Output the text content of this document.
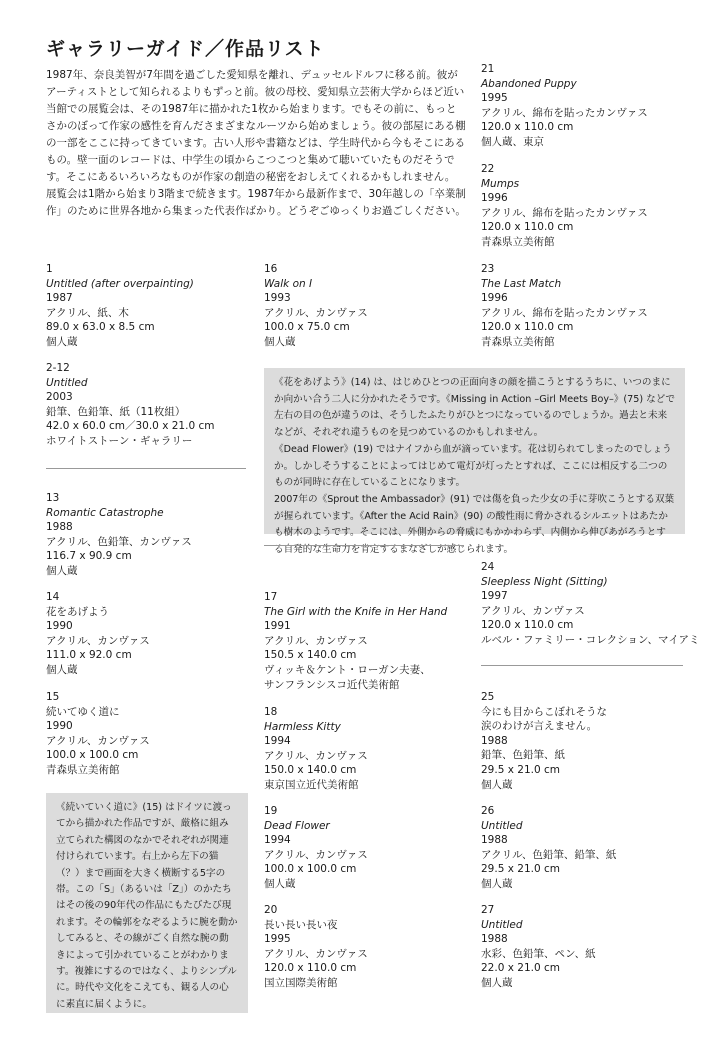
ギャラリーガイド／作品リスト

1987年、奈良美智が7年間を過ごした愛知県を離れ、デュッセルドルフに移る前。彼がアーティストとして知られるよりもずっと前。彼の母校、愛知県立芸術大学からほど近い当館での展覧会は、その1987年に描かれた1枚から始まります。でもその前に、もっとさかのぼって作家の感性を育んださまざまなルーツから始めましょう。彼の部屋にある棚の一部をここに持ってきています。古い人形や書籍などは、学生時代から今もそこにあるもの。壁一面のレコードは、中学生の頃からこつこつと集めて聴いていたものだそうです。そこにあるいろいろなものが作家の創造の秘密をおしえてくれるかもしれません。

展覧会は1階から始まり3階まで続きます。1987年から最新作まで、30年越しの「卒業制作」のために世界各地から集まった代表作ばかり。どうぞごゆっくりお過ごしください。

21
Abandoned Puppy
1995
アクリル、綿布を貼ったカンヴァス
120.0 x 110.0 cm
個人蔵、東京
22
Mumps
1996
アクリル、綿布を貼ったカンヴァス
120.0 x 110.0 cm
青森県立美術館
1
Untitled (after overpainting)
1987
アクリル、紙、木
89.0 x 63.0 x 8.5 cm
個人蔵
16
Walk on I
1993
アクリル、カンヴァス
100.0 x 75.0 cm
個人蔵
23
The Last Match
1996
アクリル、綿布を貼ったカンヴァス
120.0 x 110.0 cm
青森県立美術館
2-12
Untitled
2003
鉛筆、色鉛筆、紙（11枚組）
42.0 x 60.0 cm／30.0 x 21.0 cm
ホワイトストーン・ギャラリー
13
Romantic Catastrophe
1988
アクリル、色鉛筆、カンヴァス
116.7 x 90.9 cm
個人蔵
14
花をあげよう
1990
アクリル、カンヴァス
111.0 x 92.0 cm
個人蔵
15
続いてゆく道に
1990
アクリル、カンヴァス
100.0 x 100.0 cm
青森県立美術館

《続いていく道に》(15) はドイツに渡ってから描かれた作品ですが、厳格に組み立てられた構図のなかでそれぞれが関連付けられています。右上から左下の猫（？）まで画面を大きく横断する5字の帯。この「S」（あるいは「Z」）のかたちはその後の90年代の作品にもたびたび現れます。その輪郭をなぞるように腕を動かしてみると、その線がごく自然な腕の動きによって引かれていることがわかります。複雑にするのではなく、よりシンプルに。時代や文化をこえても、観る人の心に素直に届くように。

《花をあげよう》(14) は、はじめひとつの正面向きの顔を描こうとするうちに、いつのまにか向かい合う二人に分かれたそうです。《Missing in Action –Girl Meets Boy–》(75) などで左右の目の色が違うのは、そうしたふたりがひとつになっているのでしょうか。過去と未来などが、それぞれ違うものを見つめているのかもしれません。

《Dead Flower》(19) ではナイフから血が滴っています。花は切られてしまったのでしょうか。しかしそうすることによってはじめて電灯が灯ったとすれば、ここには相反する二つのものが同時に存在していることになります。

2007年の《Sprout the Ambassador》(91) では傷を負った少女の手に芽吹こうとする双葉が握られています。《After the Acid Rain》(90) の酸性雨に脅かされるシルエットはあたかも樹木のようです。そこには、外側からの脅威にもかかわらず、内側から伸びあがろうとする自発的な生命力を肯定するまなざしが感じられます。

17
The Girl with the Knife in Her Hand
1991
アクリル、カンヴァス
150.5 x 140.0 cm
ヴィッキ＆ケント・ローガン夫妻、
サンフランシスコ近代美術館
18
Harmless Kitty
1994
アクリル、カンヴァス
150.0 x 140.0 cm
東京国立近代美術館
19
Dead Flower
1994
アクリル、カンヴァス
100.0 x 100.0 cm
個人蔵
20
長い長い長い夜
1995
アクリル、カンヴァス
120.0 x 110.0 cm
国立国際美術館
24
Sleepless Night (Sitting)
1997
アクリル、カンヴァス
120.0 x 110.0 cm
ルベル・ファミリー・コレクション、マイアミ
25
今にも目からこぼれそうな
涙のわけが言えません。
1988
鉛筆、色鉛筆、紙
29.5 x 21.0 cm
個人蔵
26
Untitled
1988
アクリル、色鉛筆、鉛筆、紙
29.5 x 21.0 cm
個人蔵
27
Untitled
1988
水彩、色鉛筆、ペン、紙
22.0 x 21.0 cm
個人蔵
